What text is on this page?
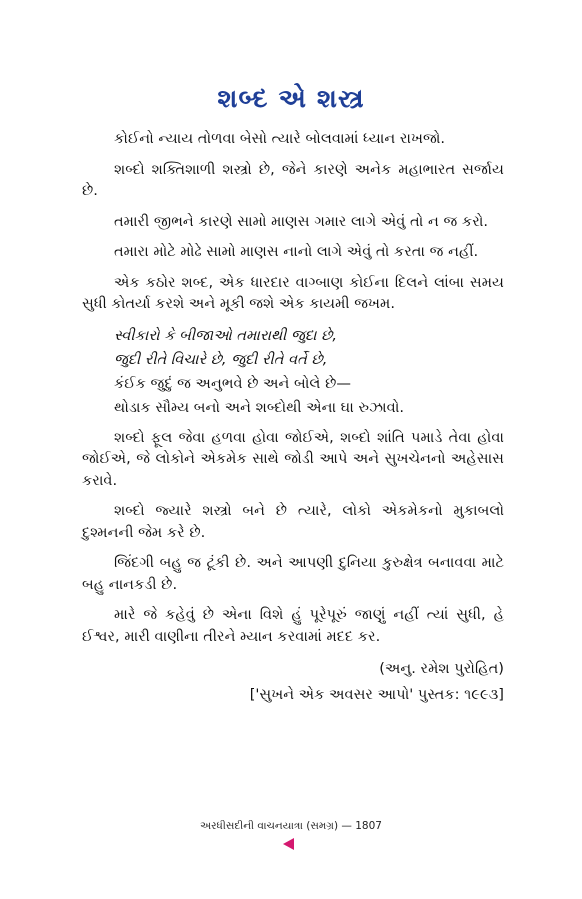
શબ્દ એ શસ્ત્ર

કોઈનો ન્યાય તોળવા બેસો ત્યારે બોલવામાં ધ્યાન રાખજો.

શબ્દો શક્તિશાળી શસ્ત્રો છે, જેને કારણે અનેક મહાભારત સર્જાય છે.

તમારી જીભને કારણે સામો માણસ ગમાર લાગે એવું તો ન જ કરો.

તમારા મોટે મોઢે સામો માણસ નાનો લાગે એવું તો કરતા જ નહીં.

એક કઠોર શબ્દ, એક ધારદાર વાગ્બાણ કોઈના દિલને લાંબા સમય સુધી કોતર્યા કરશે અને મૂકી જશે એક કાયમી જખમ.

સ્વીકારો કે બીજાઓ તમારાથી જુદા છે,
જુદી રીતે વિચારે છે, જુદી રીતે વર્તે છે,
કંઈક જુદું જ અનુભવે છે અને બોલે છે—
થોડાક સૌમ્ય બનો અને શબ્દોથી એના ઘા રુઝાવો.

શબ્દો ફૂલ જેવા હળવા હોવા જોઈએ, શબ્દો શાંતિ પમાડે તેવા હોવા જોઈએ, જે લોકોને એકમેક સાથે જોડી આપે અને સુખચેનનો અહેસાસ કરાવે.

શબ્દો જ્યારે શસ્ત્રો બને છે ત્યારે, લોકો એકમેકનો મુકાબલો દુશ્મનની જેમ કરે છે.

જિંદગી બહુ જ ટૂંકી છે. અને આપણી દુનિયા કુરુક્ષેત્ર બનાવવા માટે બહુ નાનકડી છે.

મારે જે કહેવું છે એના વિશે હું પૂરેપૂરું જાણું નહીં ત્યાં સુધી, હે ઈશ્વર, મારી વાણીના તીરને મ્યાન કરવામાં મદદ કર.

(અનુ. રમેશ પુરોહિત)
['સુખને એક અવસર આપો' પુસ્તક: ૧૯૯૩]
અરધીસદીની વાચનયાત્રા (સમગ્ર) — 1807
